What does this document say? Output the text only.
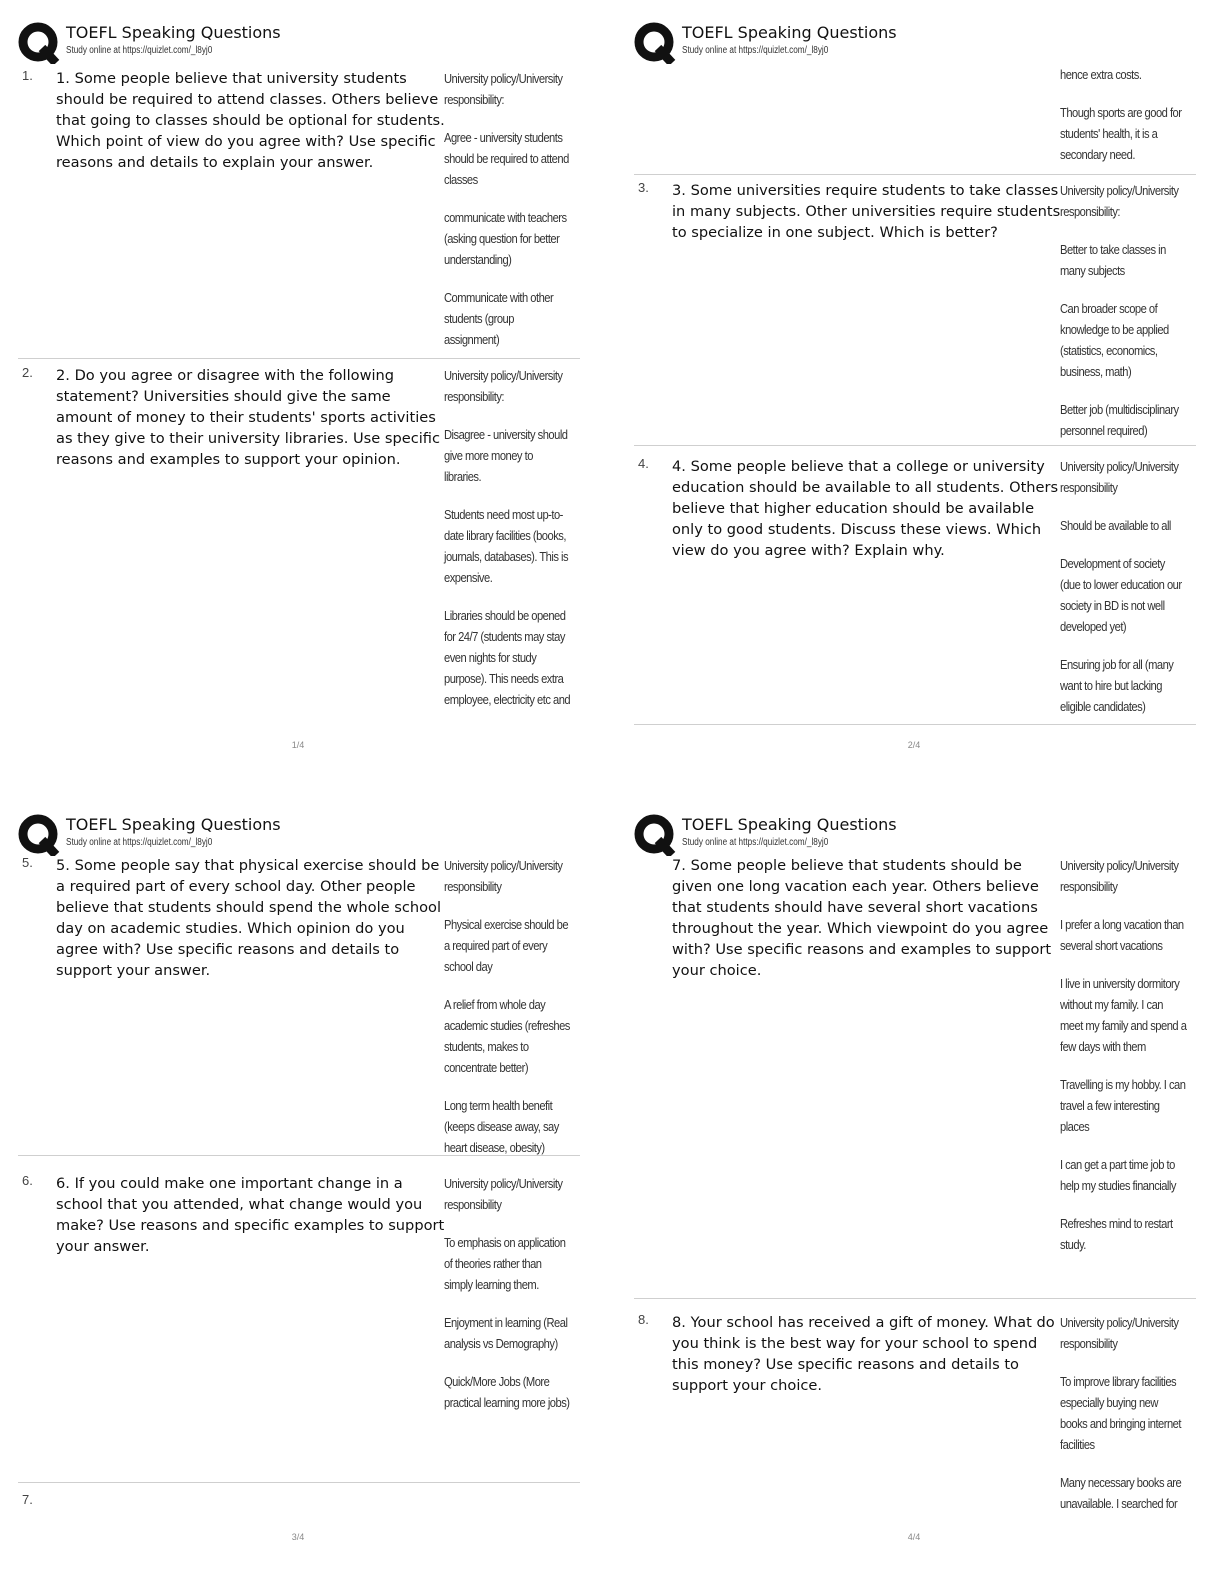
TOEFL Speaking Questions
Study online at https://quizlet.com/_l8yj0
1. 1. Some people believe that university students should be required to attend classes. Others believe that going to classes should be optional for students. Which point of view do you agree with? Use specific reasons and details to explain your answer.

University policy/University responsibility:

Agree - university students should be required to attend classes

communicate with teachers (asking question for better understanding)

Communicate with other students (group assignment)

2. 2. Do you agree or disagree with the following statement? Universities should give the same amount of money to their students' sports activities as they give to their university libraries. Use specific reasons and examples to support your opinion.

University policy/University responsibility:

Disagree - university should give more money to libraries.

Students need most up-to-date library facilities (books, journals, databases). This is expensive.

Libraries should be opened for 24/7 (students may stay even nights for study purpose). This needs extra employee, electricity etc and

1/4
TOEFL Speaking Questions
Study online at https://quizlet.com/_l8yj0

hence extra costs.

Though sports are good for students' health, it is a secondary need.

3. 3. Some universities require students to take classes in many subjects. Other universities require students to specialize in one subject. Which is better?

University policy/University responsibility:

Better to take classes in many subjects

Can broader scope of knowledge to be applied (statistics, economics, business, math)

Better job (multidisciplinary personnel required)

4. 4. Some people believe that a college or university education should be available to all students. Others believe that higher education should be available only to good students. Discuss these views. Which view do you agree with? Explain why.

University policy/University responsibility

Should be available to all

Development of society (due to lower education our society in BD is not well developed yet)

Ensuring job for all (many want to hire but lacking eligible candidates)

2/4
TOEFL Speaking Questions
Study online at https://quizlet.com/_l8yj0
5. 5. Some people say that physical exercise should be a required part of every school day. Other people believe that students should spend the whole school day on academic studies. Which opinion do you agree with? Use specific reasons and details to support your answer.

University policy/University responsibility

Physical exercise should be a required part of every school day

A relief from whole day academic studies (refreshes students, makes to concentrate better)

Long term health benefit (keeps disease away, say heart disease, obesity)

6. 6. If you could make one important change in a school that you attended, what change would you make? Use reasons and specific examples to support your answer.

University policy/University responsibility

To emphasis on application of theories rather than simply learning them.

Enjoyment in learning (Real analysis vs Demography)

Quick/More Jobs (More practical learning more jobs)

7.
3/4
TOEFL Speaking Questions
Study online at https://quizlet.com/_l8yj0

7. Some people believe that students should be given one long vacation each year. Others believe that students should have several short vacations throughout the year. Which viewpoint do you agree with? Use specific reasons and examples to support your choice.

University policy/University responsibility

I prefer a long vacation than several short vacations

I live in university dormitory without my family. I can meet my family and spend a few days with them

Travelling is my hobby. I can travel a few interesting places

I can get a part time job to help my studies financially

Refreshes mind to restart study.

8. 8. Your school has received a gift of money. What do you think is the best way for your school to spend this money? Use specific reasons and details to support your choice.

University policy/University responsibility

To improve library facilities especially buying new books and bringing internet facilities

Many necessary books are unavailable. I searched for

4/4
